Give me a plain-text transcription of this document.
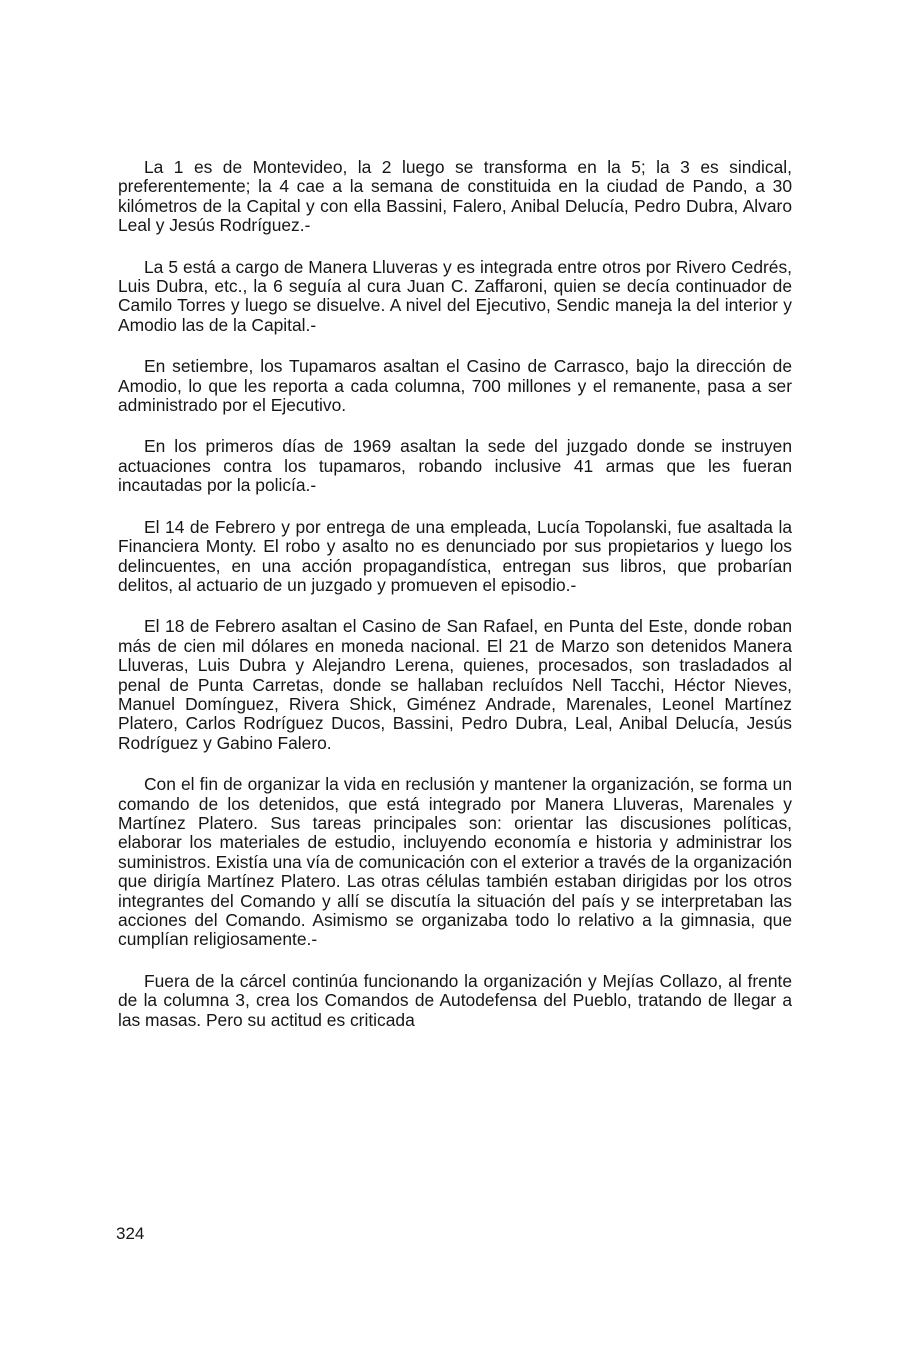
La 1 es de Montevideo, la 2 luego se transforma en la 5; la 3 es sindical, preferentemente; la 4 cae a la semana de constituida en la ciudad de Pando, a 30 kilómetros de la Capital y con ella Bassini, Falero, Anibal Delucía, Pedro Dubra, Alvaro Leal y Jesús Rodríguez.-

La 5 está a cargo de Manera Lluveras y es integrada entre otros por Rivero Cedrés, Luis Dubra, etc., la 6 seguía al cura Juan C. Zaffaroni, quien se decía continuador de Camilo Torres y luego se disuelve. A nivel del Ejecutivo, Sendic maneja la del interior y Amodio las de la Capital.-

En setiembre, los Tupamaros asaltan el Casino de Carrasco, bajo la dirección de Amodio, lo que les reporta a cada columna, 700 millones y el remanente, pasa a ser administrado por el Ejecutivo.

En los primeros días de 1969 asaltan la sede del juzgado donde se instruyen actuaciones contra los tupamaros, robando inclusive 41 armas que les fueran incautadas por la policía.-

El 14 de Febrero y por entrega de una empleada, Lucía Topolanski, fue asaltada la Financiera Monty. El robo y asalto no es denunciado por sus propietarios y luego los delincuentes, en una acción propagandística, entregan sus libros, que probarían delitos, al actuario de un juzgado y promueven el episodio.-

El 18 de Febrero asaltan el Casino de San Rafael, en Punta del Este, donde roban más de cien mil dólares en moneda nacional. El 21 de Marzo son detenidos Manera Lluveras, Luis Dubra y Alejandro Lerena, quienes, procesados, son trasladados al penal de Punta Carretas, donde se hallaban recluídos Nell Tacchi, Héctor Nieves, Manuel Domínguez, Rivera Shick, Giménez Andrade, Marenales, Leonel Martínez Platero, Carlos Rodríguez Ducos, Bassini, Pedro Dubra, Leal, Anibal Delucía, Jesús Rodríguez y Gabino Falero.

Con el fin de organizar la vida en reclusión y mantener la organización, se forma un comando de los detenidos, que está integrado por Manera Lluveras, Marenales y Martínez Platero. Sus tareas principales son: orientar las discusiones políticas, elaborar los materiales de estudio, incluyendo economía e historia y administrar los suministros. Existía una vía de comunicación con el exterior a través de la organización que dirigía Martínez Platero. Las otras células también estaban dirigidas por los otros integrantes del Comando y allí se discutía la situación del país y se interpretaban las acciones del Comando. Asimismo se organizaba todo lo relativo a la gimnasia, que cumplían religiosamente.-

Fuera de la cárcel continúa funcionando la organización y Mejías Collazo, al frente de la columna 3, crea los Comandos de Autodefensa del Pueblo, tratando de llegar a las masas. Pero su actitud es criticada

324
